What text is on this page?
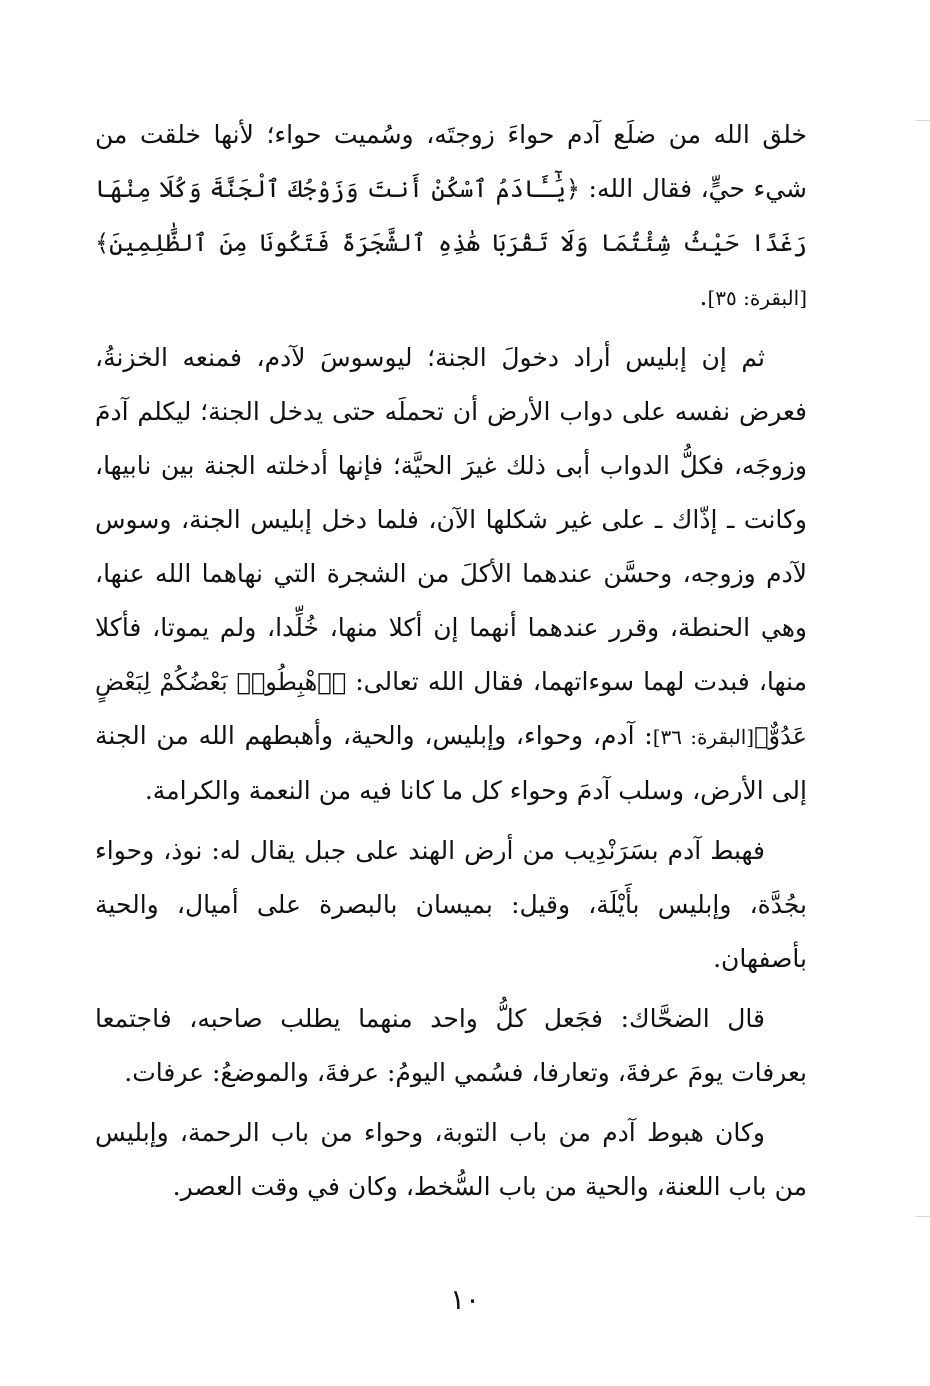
خلق الله من ضلَع آدم حواءَ زوجتَه، وسُميت حواء؛ لأنها خلقت من شيء حيٍّ، فقال الله: ﴿يَٰٓـَٔادَمُ ٱسْكُنْ أَنتَ وَزَوْجُكَ ٱلْجَنَّةَ وَكُلَا مِنْهَا رَغَدًا حَيْثُ شِئْتُمَا وَلَا تَقْرَبَا هَٰذِهِ ٱلشَّجَرَةَ فَتَكُونَا مِنَ ٱلظَّٰلِمِينَ﴾[البقرة: ٣٥].

ثم إن إبليس أراد دخولَ الجنة؛ ليوسوسَ لآدم، فمنعه الخزنةُ، فعرض نفسه على دواب الأرض أن تحملَه حتى يدخل الجنة؛ ليكلم آدمَ وزوجَه، فكلُّ الدواب أبى ذلك غيرَ الحيَّة؛ فإنها أدخلته الجنة بين نابيها، وكانت ـ إذّاك ـ على غير شكلها الآن، فلما دخل إبليس الجنة، وسوس لآدم وزوجه، وحسَّن عندهما الأكلَ من الشجرة التي نهاهما الله عنها، وهي الحنطة، وقرر عندهما أنهما إن أكلا منها، خُلِّدا، ولم يموتا، فأكلا منها، فبدت لهما سوءاتهما، فقال الله تعالى: ﴿ٱهْبِطُوا۟ بَعْضُكُمْ لِبَعْضٍ عَدُوٌّ﴾[البقرة: ٣٦]: آدم، وحواء، وإبليس، والحية، وأهبطهم الله من الجنة إلى الأرض، وسلب آدمَ وحواء كل ما كانا فيه من النعمة والكرامة.

فهبط آدم بسَرَنْدِيب من أرض الهند على جبل يقال له: نوذ، وحواء بجُدَّة، وإبليس بأَيْلَة، وقيل: بميسان بالبصرة على أميال، والحية بأصفهان.

قال الضحَّاك: فجَعل كلُّ واحد منهما يطلب صاحبه، فاجتمعا بعرفات يومَ عرفةَ، وتعارفا، فسُمي اليومُ: عرفةَ، والموضعُ: عرفات.

وكان هبوط آدم من باب التوبة، وحواء من باب الرحمة، وإبليس من باب اللعنة، والحية من باب السُّخط، وكان في وقت العصر.

١٠
